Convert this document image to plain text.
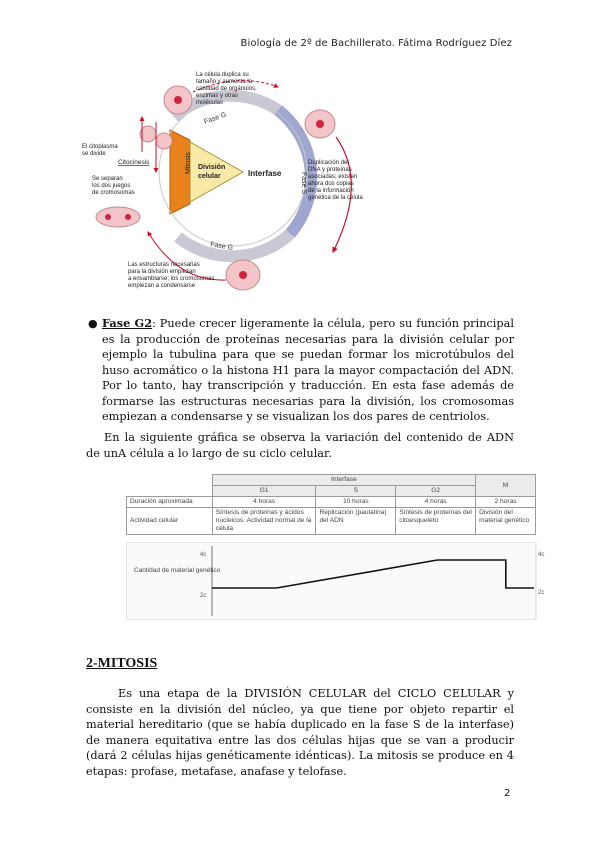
Biología de 2º de Bachillerato. Fátima Rodríguez Díez
Mitosis División
celular	Interfase
Fase G
Fase S
Fase G
Citocinesis
La célula duplica su tamaño y aumenta la cantidad de orgánulos, enzimas y otras moléculas
Duplicación del DNA y proteínas asociadas; existen ahora dos copias de la información genética de la célula
Las estructuras necesarias para la división empiezan a ensamblarse; los cromosomas empiezan a condensarse
El citoplasma se divide
Se separan los dos juegos de cromosomas
● Fase G2: Puede crecer ligeramente la célula, pero su función principal es la producción de proteínas necesarias para la división celular por ejemplo la tubulina para que se puedan formar los microtúbulos del huso acromático o la histona H1 para la mayor compactación del ADN. Por lo tanto, hay transcripción y traducción. En esta fase además de formarse las estructuras necesarias para la división, los cromosomas empiezan a condensarse y se visualizan los dos pares de centriolos.
En la siguiente gráfica se observa la variación del contenido de ADN de unA célula a lo largo de su ciclo celular.
	Interfase			M
	G1	S	G2	
Duración aproximada	4 horas	10 horas	4 horas	2 horas
Actividad celular	Síntesis de proteínas y ácidos nucleicos. Actividad normal de la célula	Replicación (paulatina) del ADN	Síntesis de proteínas del citoesqueleto	División del material genético
Cantidad de material genético
4c
2c
4c
2c
2-MITOSIS
Es una etapa de la DIVISIÓN CELULAR del CICLO CELULAR y consiste en la división del núcleo, ya que tiene por objeto repartir el material hereditario (que se había duplicado en la fase S de la interfase) de manera equitativa entre las dos células hijas que se van a producir (dará 2 células hijas genéticamente idénticas). La mitosis se produce en 4 etapas: profase, metafase, anafase y telofase.
2
